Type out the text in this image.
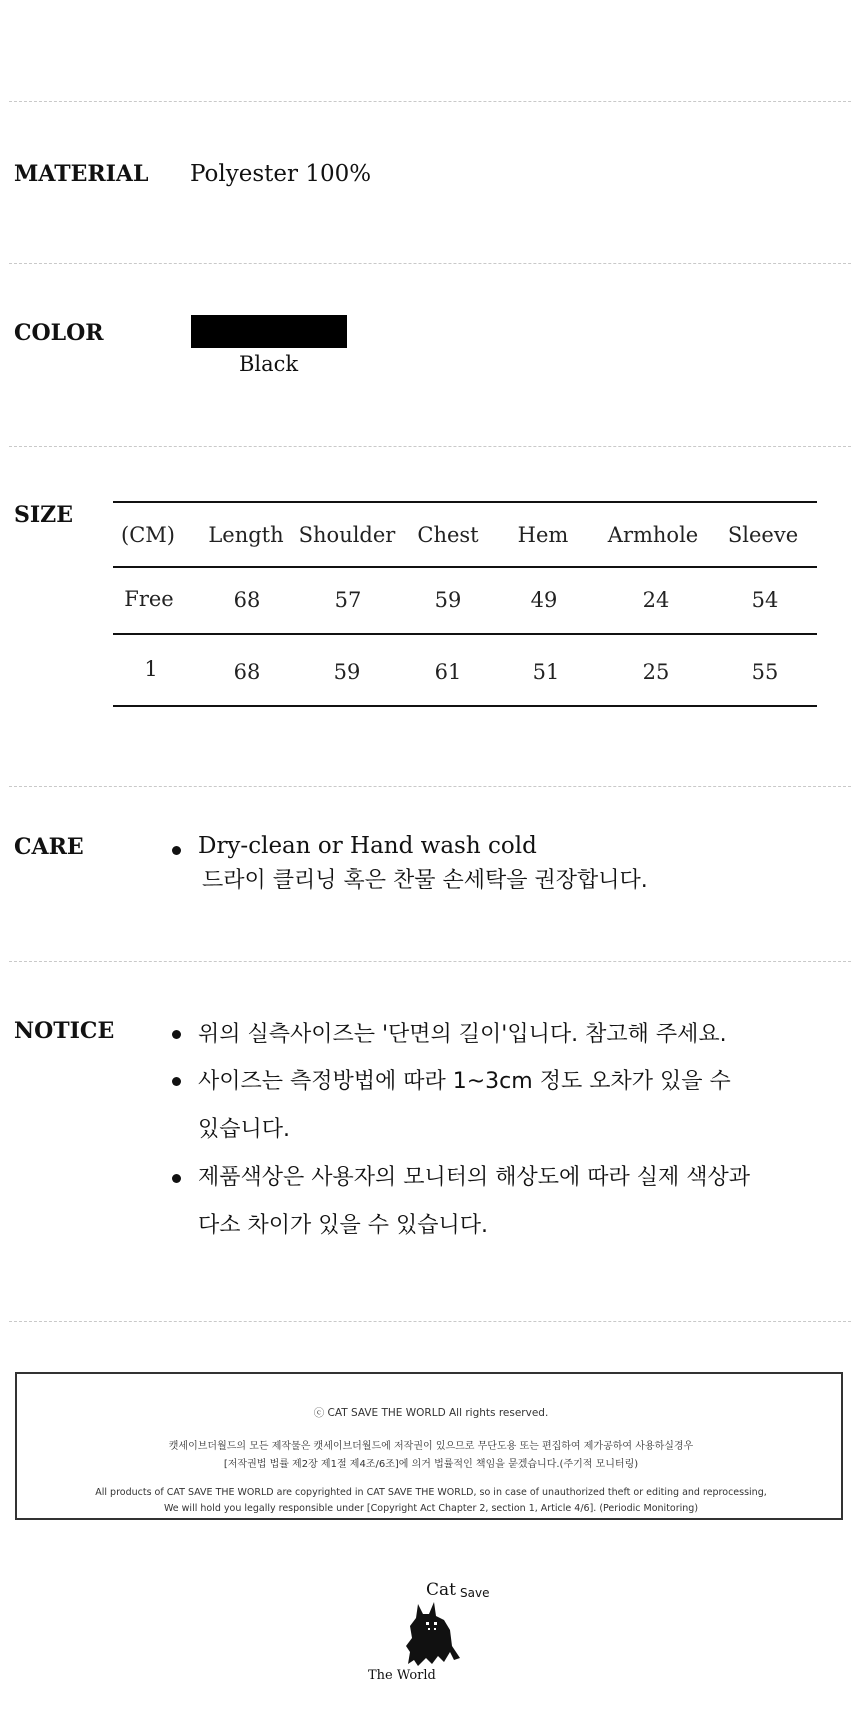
MATERIAL Polyester 100%
COLOR
Black
SIZE
(CM)	Length Shoulder	Chest	Hem	Armhole	Sleeve
Free	68	57	59	49	24	54
1	68	59	61	51	25	55
CARE	Dry-clean or Hand wash cold
드라이 클리닝 혹은 찬물 손세탁을 권장합니다.
NOTICE	위의 실측사이즈는 '단면의 길이'입니다. 참고해 주세요.
사이즈는 측정방법에 따라 1~3cm 정도 오차가 있을 수
있습니다.
제품색상은 사용자의 모니터의 해상도에 따라 실제 색상과
다소 차이가 있을 수 있습니다.
ⓒ CAT SAVE THE WORLD All rights reserved.
캣세이브더월드의 모든 제작물은 캣세이브더월드에 저작권이 있으므로 무단도용 또는 편집하여 제가공하여 사용하실경우
[저작권법 법률 제2장 제1절 제4조/6조]에 의거 법률적인 책임을 묻겠습니다.(주기적 모니터링)
All products of CAT SAVE THE WORLD are copyrighted in CAT SAVE THE WORLD, so in case of unauthorized theft or editing and reprocessing,
We will hold you legally responsible under [Copyright Act Chapter 2, section 1, Article 4/6]. (Periodic Monitoring)
Cat Save
The World
